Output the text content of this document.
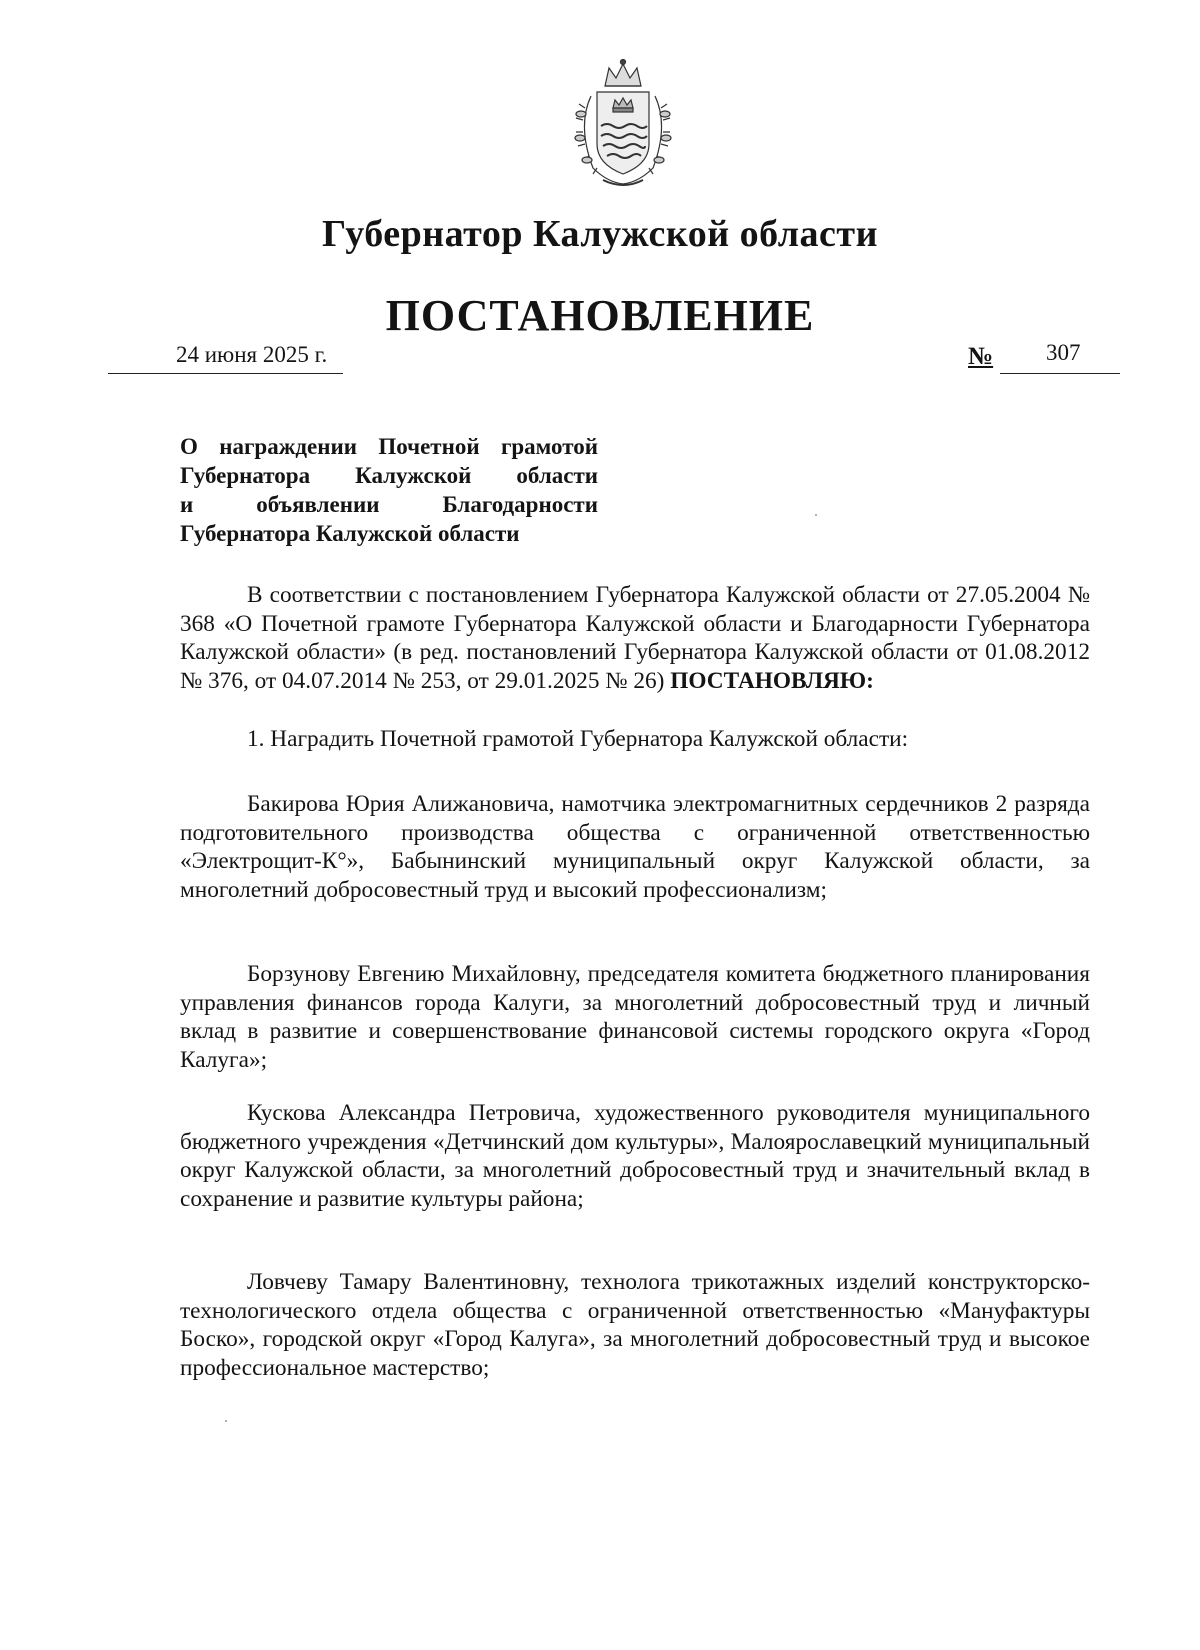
Губернатор Калужской области
ПОСТАНОВЛЕНИЕ
24 июня 2025 г.	№ 307
О награждении Почетной грамотой
Губернатора Калужской области
и объявлении Благодарности
Губернатора Калужской области

В соответствии с постановлением Губернатора Калужской области от 27.05.2004 № 368 «О Почетной грамоте Губернатора Калужской области и Благодарности Губернатора Калужской области» (в ред. постановлений Губернатора Калужской области от 01.08.2012 № 376, от 04.07.2014 № 253, от 29.01.2025 № 26) ПОСТАНОВЛЯЮ:

1. Наградить Почетной грамотой Губернатора Калужской области:

Бакирова Юрия Алижановича, намотчика электромагнитных сердечников 2 разряда подготовительного производства общества с ограниченной ответственностью «Электрощит-К°», Бабынинский муниципальный округ Калужской области, за многолетний добросовестный труд и высокий профессионализм;

Борзунову Евгению Михайловну, председателя комитета бюджетного планирования управления финансов города Калуги, за многолетний добросовестный труд и личный вклад в развитие и совершенствование финансовой системы городского округа «Город Калуга»;

Кускова Александра Петровича, художественного руководителя муниципального бюджетного учреждения «Детчинский дом культуры», Малоярославецкий муниципальный округ Калужской области, за многолетний добросовестный труд и значительный вклад в сохранение и развитие культуры района;

Ловчеву Тамару Валентиновну, технолога трикотажных изделий конструкторско-технологического отдела общества с ограниченной ответственностью «Мануфактуры Боско», городской округ «Город Калуга», за многолетний добросовестный труд и высокое профессиональное мастерство;
